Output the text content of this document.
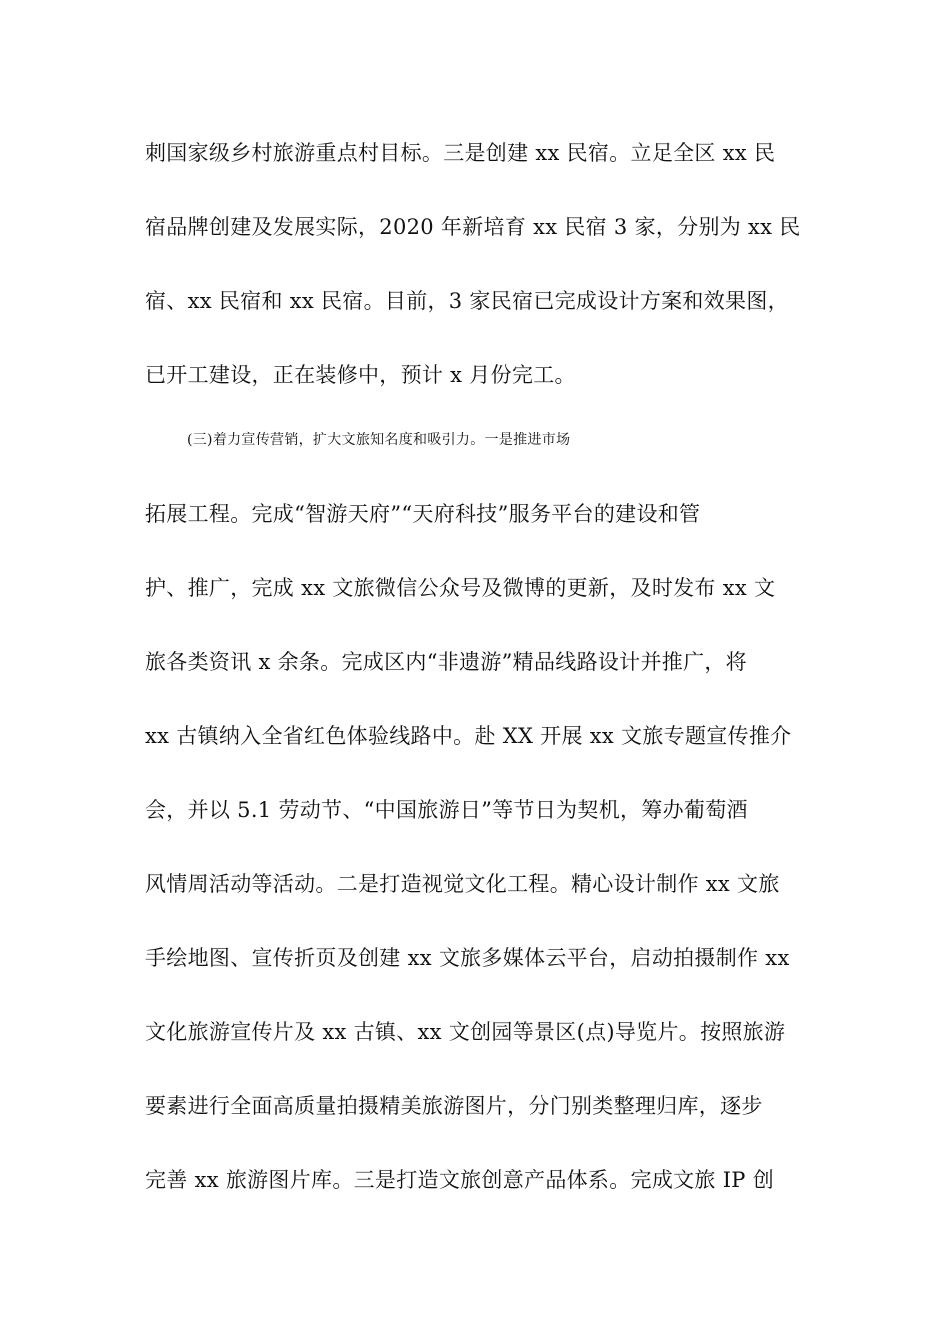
刺国家级乡村旅游重点村目标。三是创建 xx 民宿。立足全区 xx 民
宿品牌创建及发展实际，2020 年新培育 xx 民宿 3 家，分别为 xx 民
宿、xx 民宿和 xx 民宿。目前，3 家民宿已完成设计方案和效果图，
已开工建设，正在装修中，预计 x 月份完工。
(三)着力宣传营销，扩大文旅知名度和吸引力。一是推进市场
拓展工程。完成“智游天府”“天府科技”服务平台的建设和管
护、推广，完成 xx 文旅微信公众号及微博的更新，及时发布 xx 文
旅各类资讯 x 余条。完成区内“非遗游”精品线路设计并推广，将
xx 古镇纳入全省红色体验线路中。赴 XX 开展 xx 文旅专题宣传推介
会，并以 5.1 劳动节、“中国旅游日”等节日为契机，筹办葡萄酒
风情周活动等活动。二是打造视觉文化工程。精心设计制作 xx 文旅
手绘地图、宣传折页及创建 xx 文旅多媒体云平台，启动拍摄制作 xx
文化旅游宣传片及 xx 古镇、xx 文创园等景区(点)导览片。按照旅游
要素进行全面高质量拍摄精美旅游图片，分门别类整理归库，逐步
完善 xx 旅游图片库。三是打造文旅创意产品体系。完成文旅 IP 创
